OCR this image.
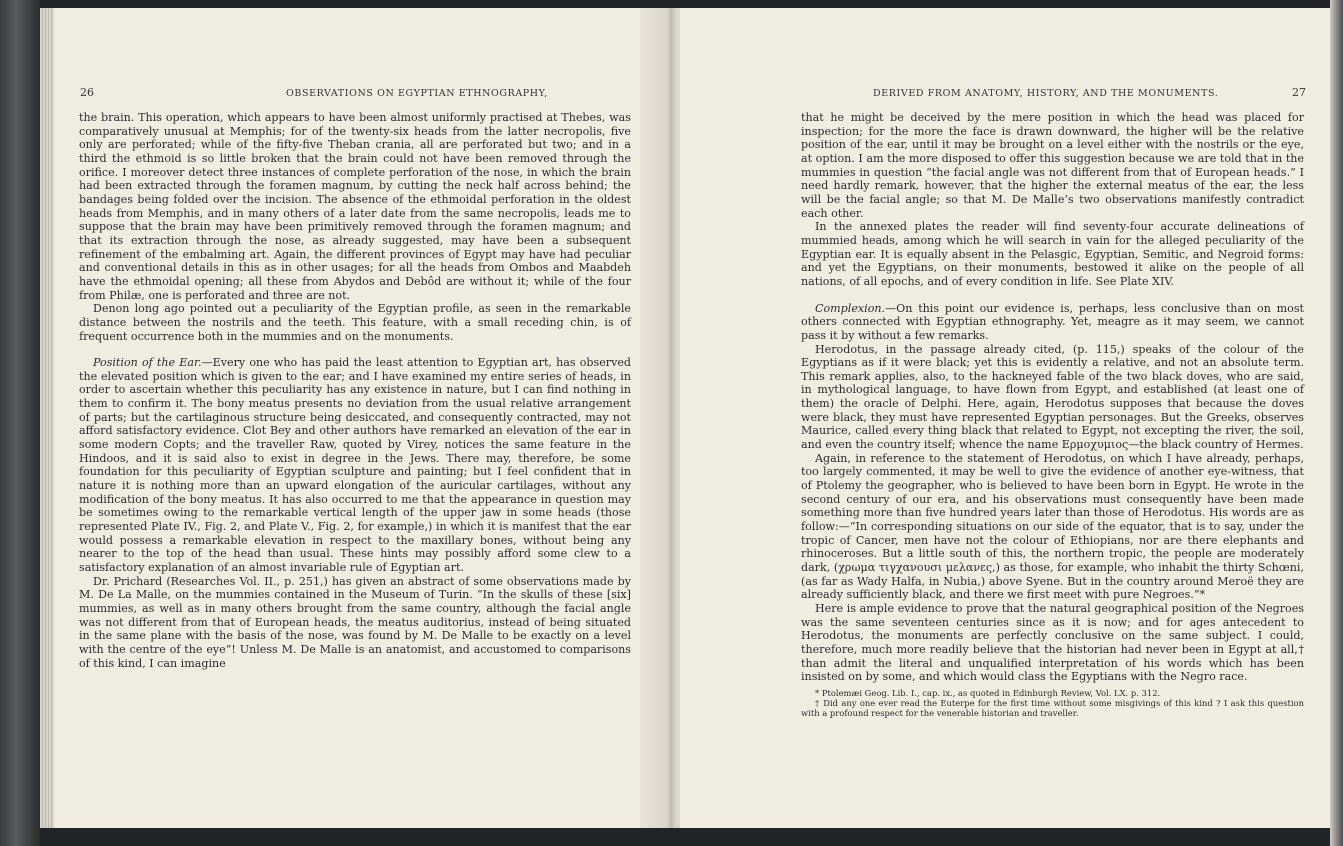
26	OBSERVATIONS ON EGYPTIAN ETHNOGRAPHY,

the brain. This operation, which appears to have been almost uniformly practised at Thebes, was comparatively unusual at Memphis; for of the twenty-six heads from the latter necropolis, five only are perforated; while of the fifty-five Theban crania, all are perforated but two; and in a third the ethmoid is so little broken that the brain could not have been removed through the orifice. I moreover detect three instances of complete perforation of the nose, in which the brain had been extracted through the foramen magnum, by cutting the neck half across behind; the bandages being folded over the incision. The absence of the ethmoidal perforation in the oldest heads from Memphis, and in many others of a later date from the same necropolis, leads me to suppose that the brain may have been primitively removed through the foramen magnum; and that its extraction through the nose, as already suggested, may have been a subsequent refinement of the embalming art. Again, the different provinces of Egypt may have had peculiar and conventional details in this as in other usages; for all the heads from Ombos and Maabdeh have the ethmoidal opening; all these from Abydos and Debôd are without it; while of the four from Philæ, one is perforated and three are not.

Denon long ago pointed out a peculiarity of the Egyptian profile, as seen in the remarkable distance between the nostrils and the teeth. This feature, with a small receding chin, is of frequent occurrence both in the mummies and on the monuments.

Position of the Ear.—Every one who has paid the least attention to Egyptian art, has observed the elevated position which is given to the ear; and I have examined my entire series of heads, in order to ascertain whether this peculiarity has any existence in nature, but I can find nothing in them to confirm it. The bony meatus presents no deviation from the usual relative arrangement of parts; but the cartilaginous structure being desiccated, and consequently contracted, may not afford satisfactory evidence. Clot Bey and other authors have remarked an elevation of the ear in some modern Copts; and the traveller Raw, quoted by Virey, notices the same feature in the Hindoos, and it is said also to exist in degree in the Jews. There may, therefore, be some foundation for this peculiarity of Egyptian sculpture and painting; but I feel confident that in nature it is nothing more than an upward elongation of the auricular cartilages, without any modification of the bony meatus. It has also occurred to me that the appearance in question may be sometimes owing to the remarkable vertical length of the upper jaw in some heads (those represented Plate IV., Fig. 2, and Plate V., Fig. 2, for example,) in which it is manifest that the ear would possess a remarkable elevation in respect to the maxillary bones, without being any nearer to the top of the head than usual. These hints may possibly afford some clew to a satisfactory explanation of an almost invariable rule of Egyptian art.

Dr. Prichard (Researches Vol. II., p. 251,) has given an abstract of some observations made by M. De La Malle, on the mummies contained in the Museum of Turin. “In the skulls of these [six] mummies, as well as in many others brought from the same country, although the facial angle was not different from that of European heads, the meatus auditorius, instead of being situated in the same plane with the basis of the nose, was found by M. De Malle to be exactly on a level with the centre of the eye”! Unless M. De Malle is an anatomist, and accustomed to comparisons of this kind, I can imagine

DERIVED FROM ANATOMY, HISTORY, AND THE MONUMENTS.	27

that he might be deceived by the mere position in which the head was placed for inspection; for the more the face is drawn downward, the higher will be the relative position of the ear, until it may be brought on a level either with the nostrils or the eye, at option. I am the more disposed to offer this suggestion because we are told that in the mummies in question “the facial angle was not different from that of European heads.” I need hardly remark, however, that the higher the external meatus of the ear, the less will be the facial angle; so that M. De Malle’s two observations manifestly contradict each other.

In the annexed plates the reader will find seventy-four accurate delineations of mummied heads, among which he will search in vain for the alleged peculiarity of the Egyptian ear. It is equally absent in the Pelasgic, Egyptian, Semitic, and Negroid forms: and yet the Egyptians, on their monuments, bestowed it alike on the people of all nations, of all epochs, and of every condition in life. See Plate XIV.

Complexion.—On this point our evidence is, perhaps, less conclusive than on most others connected with Egyptian ethnography. Yet, meagre as it may seem, we cannot pass it by without a few remarks.

Herodotus, in the passage already cited, (p. 115,) speaks of the colour of the Egyptians as if it were black; yet this is evidently a relative, and not an absolute term. This remark applies, also, to the hackneyed fable of the two black doves, who are said, in mythological language, to have flown from Egypt, and established (at least one of them) the oracle of Delphi. Here, again, Herodotus supposes that because the doves were black, they must have represented Egyptian personages. But the Greeks, observes Maurice, called every thing black that related to Egypt, not excepting the river, the soil, and even the country itself; whence the name Ερμοχυμιος—the black country of Hermes.

Again, in reference to the statement of Herodotus, on which I have already, perhaps, too largely commented, it may be well to give the evidence of another eye-witness, that of Ptolemy the geographer, who is believed to have been born in Egypt. He wrote in the second century of our era, and his observations must consequently have been made something more than five hundred years later than those of Herodotus. His words are as follow:—“In corresponding situations on our side of the equator, that is to say, under the tropic of Cancer, men have not the colour of Ethiopians, nor are there elephants and rhinoceroses. But a little south of this, the northern tropic, the people are moderately dark, (χρωμα τιγχανουσι μελανες,) as those, for example, who inhabit the thirty Schœni, (as far as Wady Halfa, in Nubia,) above Syene. But in the country around Meroë they are already sufficiently black, and there we first meet with pure Negroes.”*

Here is ample evidence to prove that the natural geographical position of the Negroes was the same seventeen centuries since as it is now; and for ages antecedent to Herodotus, the monuments are perfectly conclusive on the same subject. I could, therefore, much more readily believe that the historian had never been in Egypt at all,† than admit the literal and unqualified interpretation of his words which has been insisted on by some, and which would class the Egyptians with the Negro race.

* Ptolemæi Geog. Lib. I., cap. ix., as quoted in Edinburgh Review, Vol. LX. p. 312.

† Did any one ever read the Euterpe for the first time without some misgivings of this kind ? I ask this question with a profound respect for the venerable historian and traveller.
